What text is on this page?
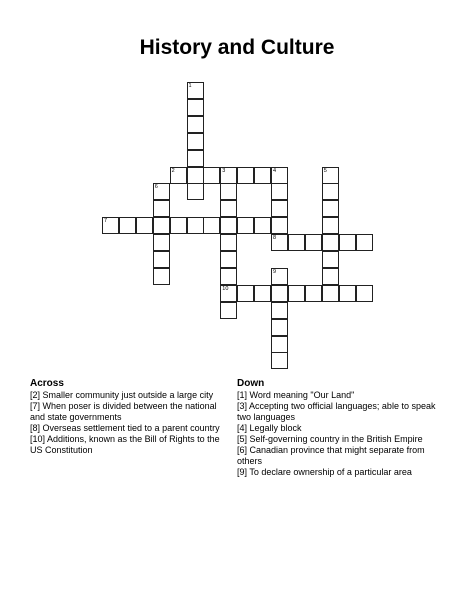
History and Culture
1
2	3	4
10
5
6
7
8
9
Across

[2] Smaller community just outside a large city

[7] When poser is divided between the national and state governments

[8] Overseas settlement tied to a parent country

[10] Additions, known as the Bill of Rights to the US Constitution

Down

[1] Word meaning "Our Land"

[3] Accepting two official languages; able to speak two languages

[4] Legally block

[5] Self-governing country in the British Empire

[6] Canadian province that might separate from others

[9] To declare ownership of a particular area
